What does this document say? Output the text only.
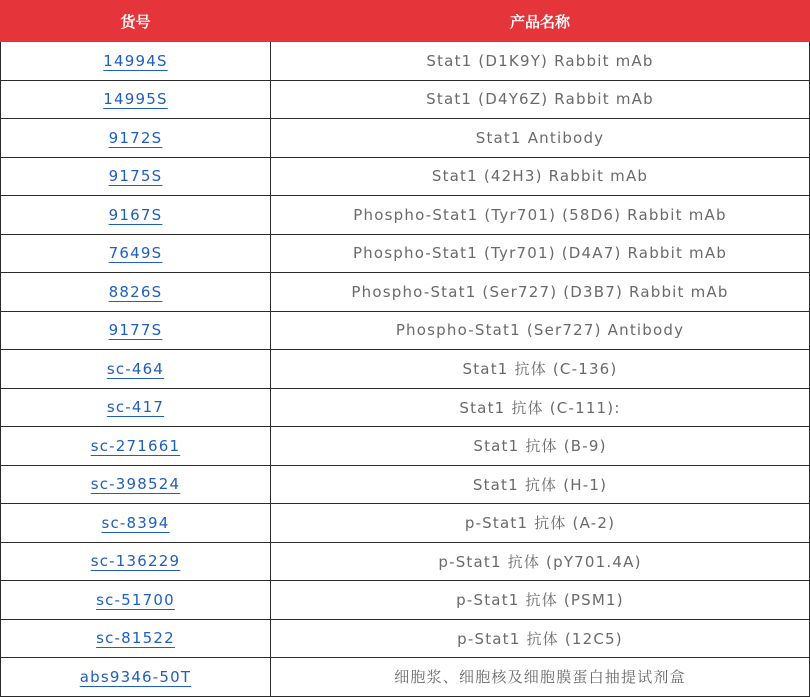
货号	产品名称
14994S	Stat1 (D1K9Y) Rabbit mAb
14995S	Stat1 (D4Y6Z) Rabbit mAb
9172S	Stat1 Antibody
9175S	Stat1 (42H3) Rabbit mAb
9167S	Phospho-Stat1 (Tyr701) (58D6) Rabbit mAb
7649S	Phospho-Stat1 (Tyr701) (D4A7) Rabbit mAb
8826S	Phospho-Stat1 (Ser727) (D3B7) Rabbit mAb
9177S	Phospho-Stat1 (Ser727) Antibody
sc-464	Stat1 抗体 (C-136)
sc-417	Stat1 抗体 (C-111):
sc-271661	Stat1 抗体 (B-9)
sc-398524	Stat1 抗体 (H-1)
sc-8394	p-Stat1 抗体 (A-2)
sc-136229	p-Stat1 抗体 (pY701.4A)
sc-51700	p-Stat1 抗体 (PSM1)
sc-81522	p-Stat1 抗体 (12C5)
abs9346-50T	细胞浆、细胞核及细胞膜蛋白抽提试剂盒
